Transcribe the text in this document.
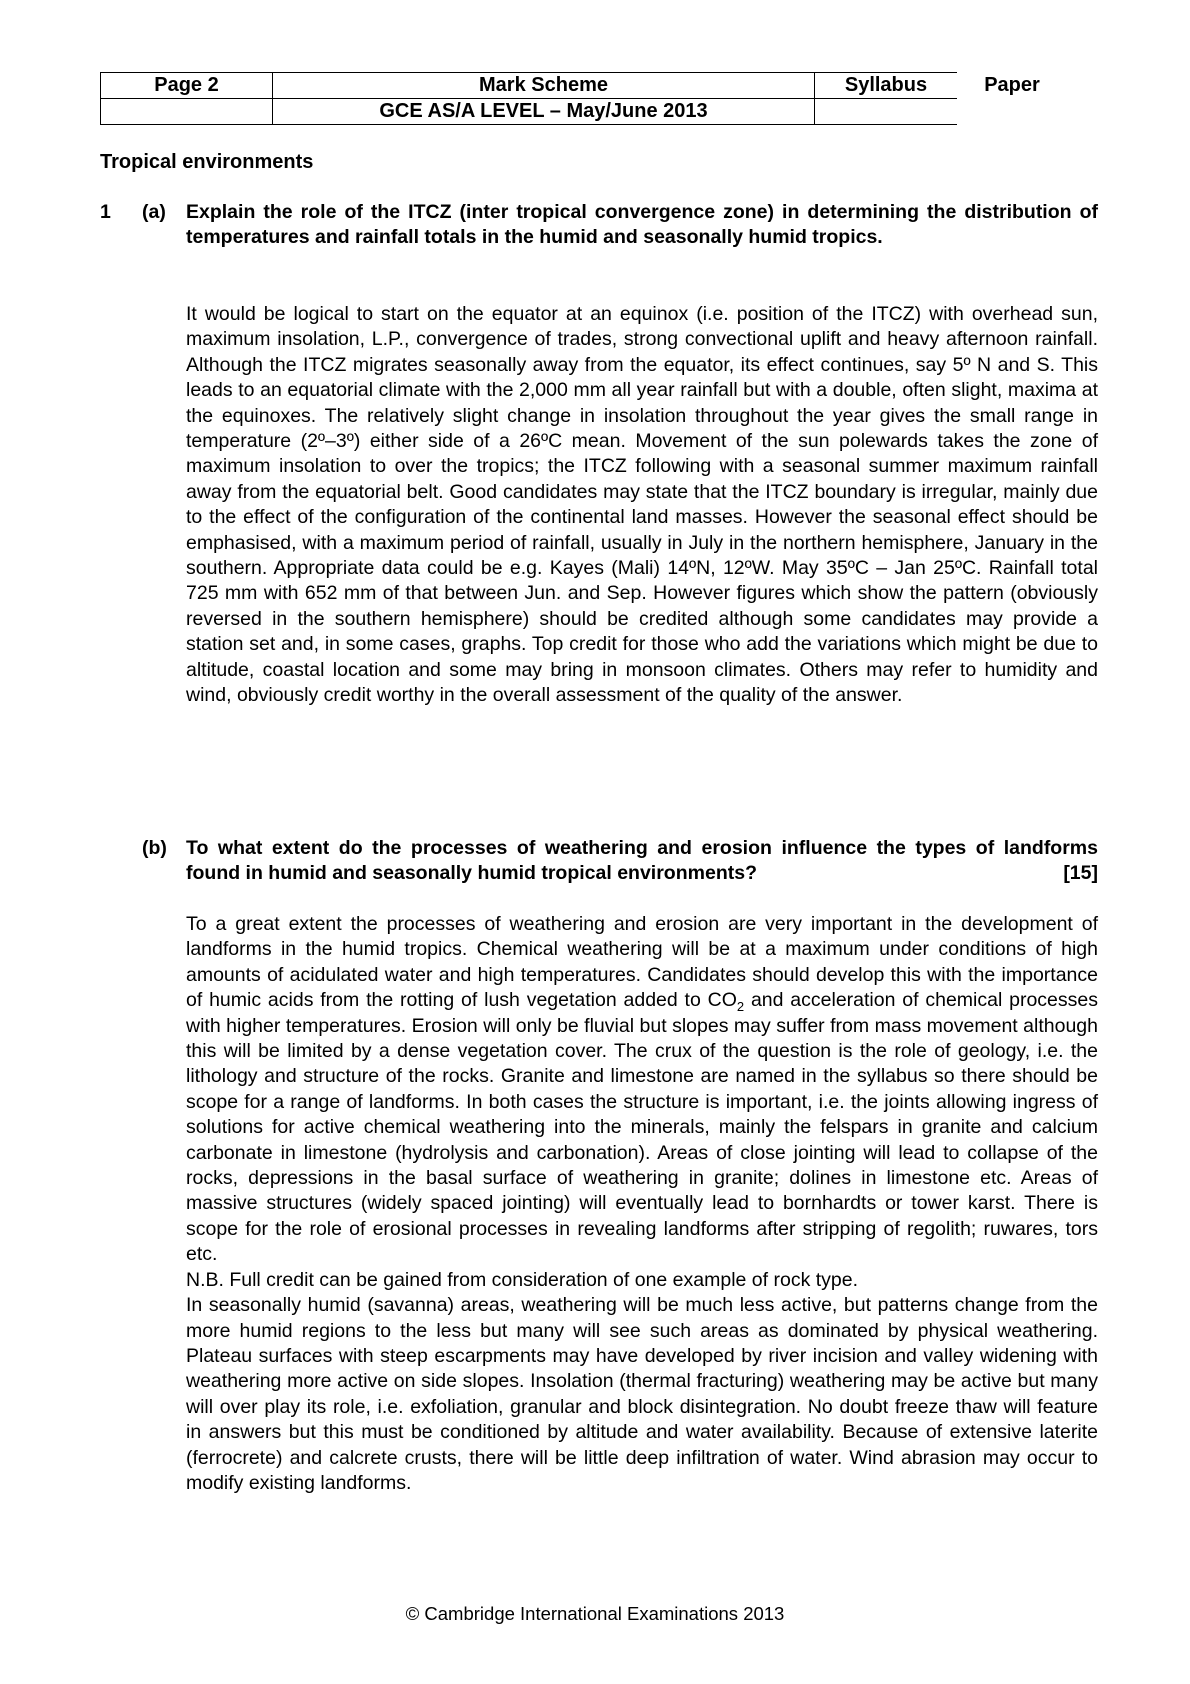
Page 2	Mark Scheme	Syllabus	Paper
	GCE AS/A LEVEL – May/June 2013		
Tropical environments
1 (a) Explain the role of the ITCZ (inter tropical convergence zone) in determining the distribution of temperatures and rainfall totals in the humid and seasonally humid tropics.

It would be logical to start on the equator at an equinox (i.e. position of the ITCZ) with overhead sun, maximum insolation, L.P., convergence of trades, strong convectional uplift and heavy afternoon rainfall. Although the ITCZ migrates seasonally away from the equator, its effect continues, say 5º N and S. This leads to an equatorial climate with the 2,000 mm all year rainfall but with a double, often slight, maxima at the equinoxes. The relatively slight change in insolation throughout the year gives the small range in temperature (2º–3º) either side of a 26ºC mean. Movement of the sun polewards takes the zone of maximum insolation to over the tropics; the ITCZ following with a seasonal summer maximum rainfall away from the equatorial belt. Good candidates may state that the ITCZ boundary is irregular, mainly due to the effect of the configuration of the continental land masses. However the seasonal effect should be emphasised, with a maximum period of rainfall, usually in July in the northern hemisphere, January in the southern. Appropriate data could be e.g. Kayes (Mali) 14ºN, 12ºW. May 35ºC – Jan 25ºC. Rainfall total 725 mm with 652 mm of that between Jun. and Sep. However figures which show the pattern (obviously reversed in the southern hemisphere) should be credited although some candidates may provide a station set and, in some cases, graphs. Top credit for those who add the variations which might be due to altitude, coastal location and some may bring in monsoon climates. Others may refer to humidity and wind, obviously credit worthy in the overall assessment of the quality of the answer.

(b) To what extent do the processes of weathering and erosion influence the types of landforms found in humid and seasonally humid tropical environments?	[15]

To a great extent the processes of weathering and erosion are very important in the development of landforms in the humid tropics. Chemical weathering will be at a maximum under conditions of high amounts of acidulated water and high temperatures. Candidates should develop this with the importance of humic acids from the rotting of lush vegetation added to $CO_2$ and acceleration of chemical processes with higher temperatures. Erosion will only be fluvial but slopes may suffer from mass movement although this will be limited by a dense vegetation cover. The crux of the question is the role of geology, i.e. the lithology and structure of the rocks. Granite and limestone are named in the syllabus so there should be scope for a range of landforms. In both cases the structure is important, i.e. the joints allowing ingress of solutions for active chemical weathering into the minerals, mainly the felspars in granite and calcium carbonate in limestone (hydrolysis and carbonation). Areas of close jointing will lead to collapse of the rocks, depressions in the basal surface of weathering in granite; dolines in limestone etc. Areas of massive structures (widely spaced jointing) will eventually lead to bornhardts or tower karst. There is scope for the role of erosional processes in revealing landforms after stripping of regolith; ruwares, tors etc.

N.B. Full credit can be gained from consideration of one example of rock type.

In seasonally humid (savanna) areas, weathering will be much less active, but patterns change from the more humid regions to the less but many will see such areas as dominated by physical weathering. Plateau surfaces with steep escarpments may have developed by river incision and valley widening with weathering more active on side slopes. Insolation (thermal fracturing) weathering may be active but many will over play its role, i.e. exfoliation, granular and block disintegration. No doubt freeze thaw will feature in answers but this must be conditioned by altitude and water availability. Because of extensive laterite (ferrocrete) and calcrete crusts, there will be little deep infiltration of water. Wind abrasion may occur to modify existing landforms.

© Cambridge International Examinations 2013
